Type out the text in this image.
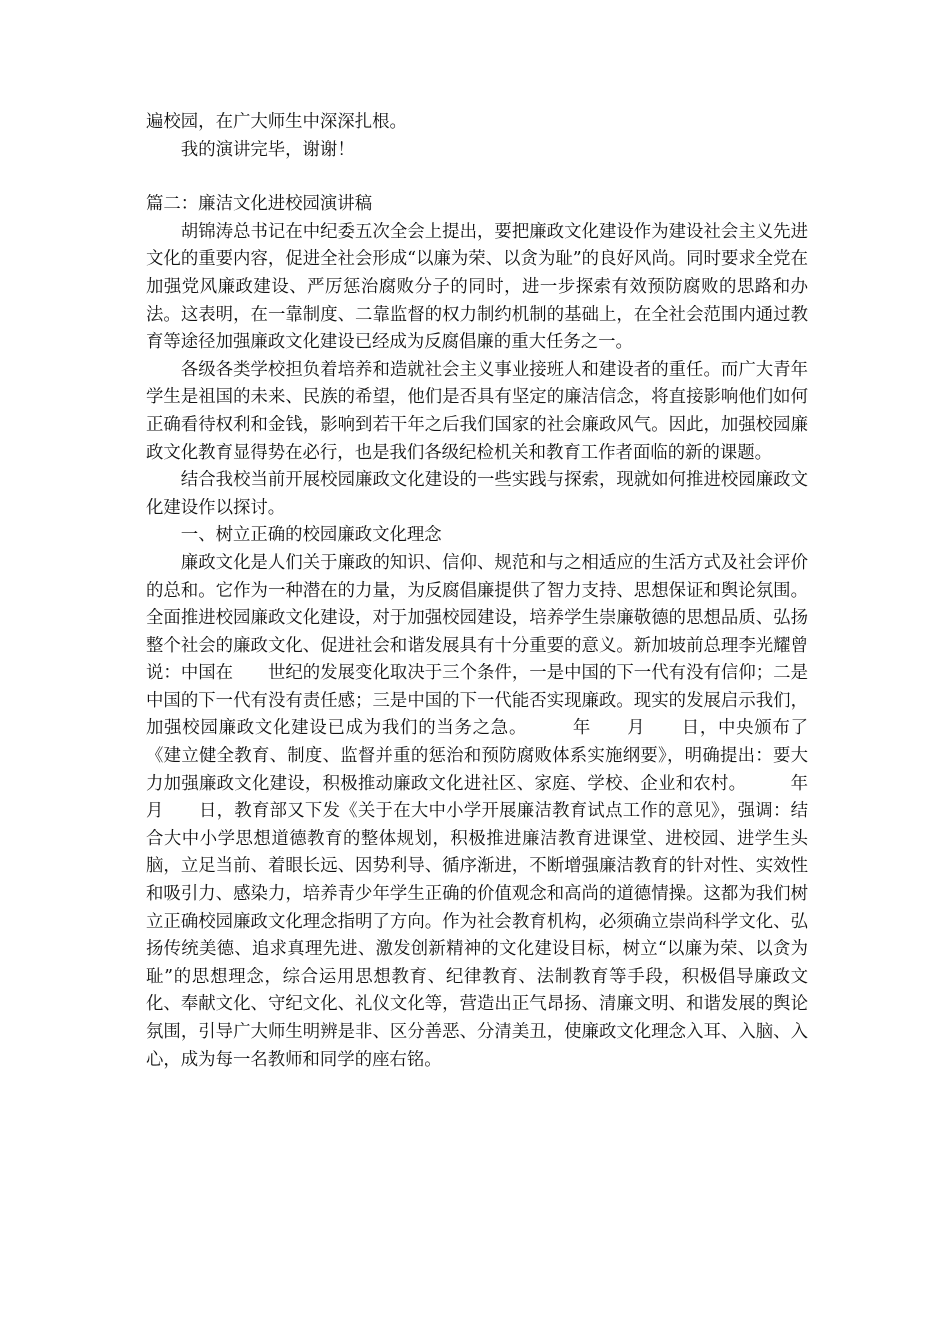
遍校园，在广大师生中深深扎根。

我的演讲完毕，谢谢！

篇二：廉洁文化进校园演讲稿

胡锦涛总书记在中纪委五次全会上提出，要把廉政文化建设作为建设社会主义先进文化的重要内容，促进全社会形成“以廉为荣、以贪为耻”的良好风尚。同时要求全党在加强党风廉政建设、严厉惩治腐败分子的同时，进一步探索有效预防腐败的思路和办法。这表明，在一靠制度、二靠监督的权力制约机制的基础上，在全社会范围内通过教育等途径加强廉政文化建设已经成为反腐倡廉的重大任务之一。

各级各类学校担负着培养和造就社会主义事业接班人和建设者的重任。而广大青年学生是祖国的未来、民族的希望，他们是否具有坚定的廉洁信念，将直接影响他们如何正确看待权利和金钱，影响到若干年之后我们国家的社会廉政风气。因此，加强校园廉政文化教育显得势在必行，也是我们各级纪检机关和教育工作者面临的新的课题。

结合我校当前开展校园廉政文化建设的一些实践与探索，现就如何推进校园廉政文化建设作以探讨。

一、树立正确的校园廉政文化理念

廉政文化是人们关于廉政的知识、信仰、规范和与之相适应的生活方式及社会评价的总和。它作为一种潜在的力量，为反腐倡廉提供了智力支持、思想保证和舆论氛围。全面推进校园廉政文化建设，对于加强校园建设，培养学生崇廉敬德的思想品质、弘扬整个社会的廉政文化、促进社会和谐发展具有十分重要的意义。新加坡前总理李光耀曾说：中国在　　世纪的发展变化取决于三个条件，一是中国的下一代有没有信仰；二是中国的下一代有没有责任感；三是中国的下一代能否实现廉政。现实的发展启示我们，加强校园廉政文化建设已成为我们的当务之急。　　　年　　月　　日，中央颁布了《建立健全教育、制度、监督并重的惩治和预防腐败体系实施纲要》，明确提出：要大力加强廉政文化建设，积极推动廉政文化进社区、家庭、学校、企业和农村。　　　年　　月　　日，教育部又下发《关于在大中小学开展廉洁教育试点工作的意见》，强调：结合大中小学思想道德教育的整体规划，积极推进廉洁教育进课堂、进校园、进学生头脑，立足当前、着眼长远、因势利导、循序渐进，不断增强廉洁教育的针对性、实效性和吸引力、感染力，培养青少年学生正确的价值观念和高尚的道德情操。这都为我们树立正确校园廉政文化理念指明了方向。作为社会教育机构，必须确立崇尚科学文化、弘扬传统美德、追求真理先进、激发创新精神的文化建设目标，树立“以廉为荣、以贪为耻”的思想理念，综合运用思想教育、纪律教育、法制教育等手段，积极倡导廉政文化、奉献文化、守纪文化、礼仪文化等，营造出正气昂扬、清廉文明、和谐发展的舆论氛围，引导广大师生明辨是非、区分善恶、分清美丑，使廉政文化理念入耳、入脑、入心，成为每一名教师和同学的座右铭。
